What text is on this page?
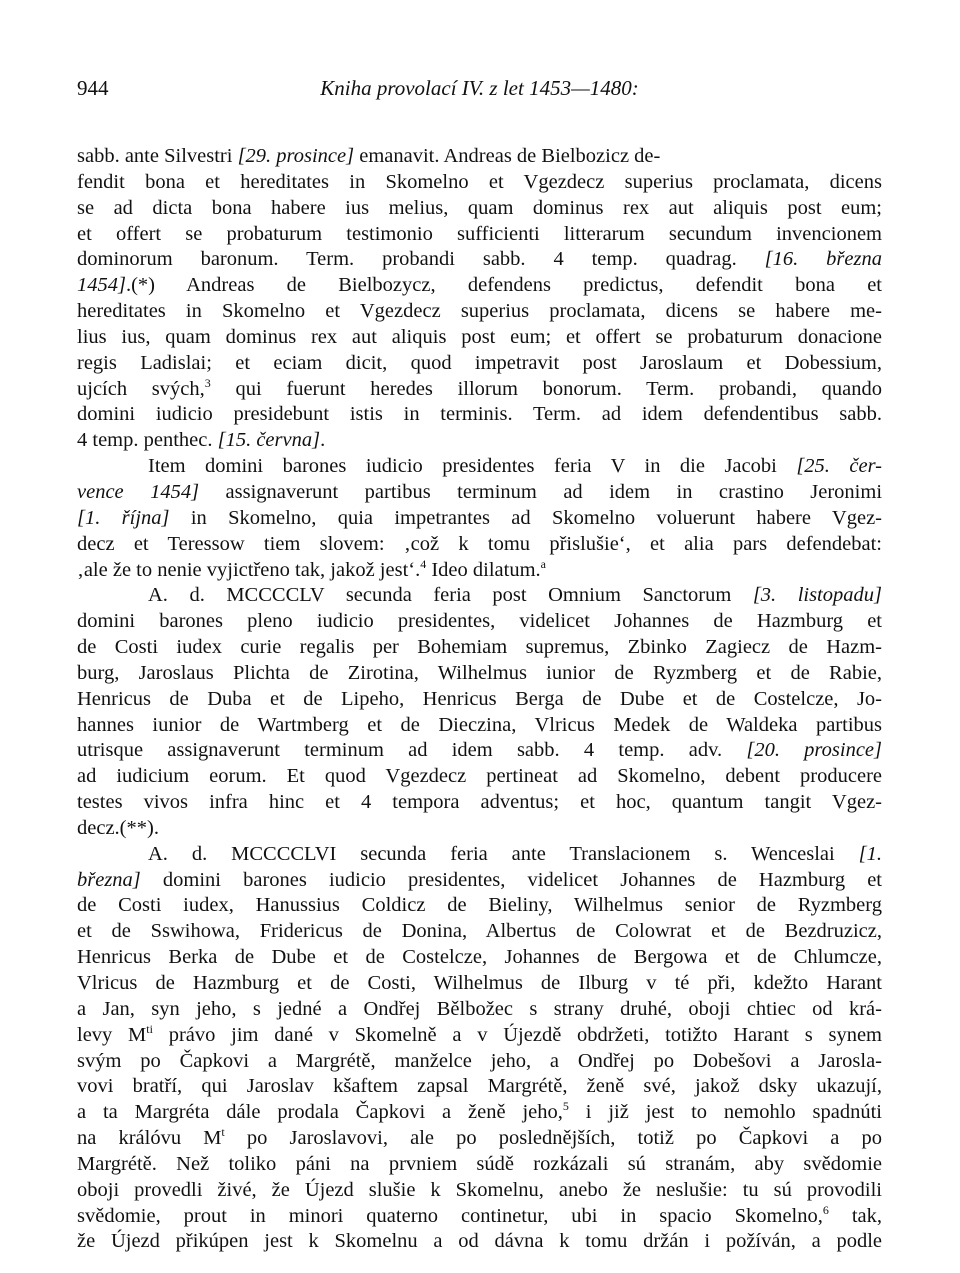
944	Kniha provolací IV. z let 1453—1480:
sabb. ante Silvestri [29. prosince] emanavit. Andreas de Bielbozicz de-
fendit bona et hereditates in Skomelno et Vgezdecz superius proclamata, dicens
se ad dicta bona habere ius melius, quam dominus rex aut aliquis post eum;
et offert se probaturum testimonio sufficienti litterarum secundum invencionem
dominorum baronum. Term. probandi sabb. 4 temp. quadrag. [16. března
1454].(*) Andreas de Bielbozycz, defendens predictus, defendit bona et
hereditates in Skomelno et Vgezdecz superius proclamata, dicens se habere me-
lius ius, quam dominus rex aut aliquis post eum; et offert se probaturum donacione
regis Ladislai; et eciam dicit, quod impetravit post Jaroslaum et Dobessium,
ujcích svých,$^3$ qui fuerunt heredes illorum bonorum. Term. probandi, quando
domini iudicio presidebunt istis in terminis. Term. ad idem defendentibus sabb.
4 temp. penthec. [15. června].
Item domini barones iudicio presidentes feria V in die Jacobi [25. čer-
vence 1454] assignaverunt partibus terminum ad idem in crastino Jeronimi
[1. října] in Skomelno, quia impetrantes ad Skomelno voluerunt habere Vgez-
decz et Teressow tiem slovem: ‚což k tomu přislušie‘, et alia pars defendebat:
‚ale že to nenie vyjictřeno tak, jakož jest‘.$^4$ Ideo dilatum.$^a$
A. d. MCCCCLV secunda feria post Omnium Sanctorum [3. listopadu]
domini barones pleno iudicio presidentes, videlicet Johannes de Hazmburg et
de Costi iudex curie regalis per Bohemiam supremus, Zbinko Zagiecz de Hazm-
burg, Jaroslaus Plichta de Zirotina, Wilhelmus iunior de Ryzmberg et de Rabie,
Henricus de Duba et de Lipeho, Henricus Berga de Dube et de Costelcze, Jo-
hannes iunior de Wartmberg et de Dieczina, Vlricus Medek de Waldeka partibus
utrisque assignaverunt terminum ad idem sabb. 4 temp. adv. [20. prosince]
ad iudicium eorum. Et quod Vgezdecz pertineat ad Skomelno, debent producere
testes vivos infra hinc et 4 tempora adventus; et hoc, quantum tangit Vgez-
decz.(**).
A. d. MCCCCLVI secunda feria ante Translacionem s. Wenceslai [1.
března] domini barones iudicio presidentes, videlicet Johannes de Hazmburg et
de Costi iudex, Hanussius Coldicz de Bieliny, Wilhelmus senior de Ryzmberg
et de Sswihowa, Fridericus de Donina, Albertus de Colowrat et de Bezdruzicz,
Henricus Berka de Dube et de Costelcze, Johannes de Bergowa et de Chlumcze,
Vlricus de Hazmburg et de Costi, Wilhelmus de Ilburg v té při, kdežto Harant
a Jan, syn jeho, s jedné a Ondřej Bělbožec s strany druhé, oboji chtiec od krá-
levy $M^{ti}$ právo jim dané v Skomelně a v Újezdě obdržeti, totižto Harant s synem
svým po Čapkovi a Margrétě, manželce jeho, a Ondřej po Dobešovi a Jarosla-
vovi bratří, qui Jaroslav kšaftem zapsal Margrétě, ženě své, jakož dsky ukazují,
a ta Margréta dále prodala Čapkovi a ženě jeho,$^5$ i již jest to nemohlo spadnúti
na králóvu $M^t$ po Jaroslavovi, ale po poslednějších, totiž po Čapkovi a po
Margrétě. Než toliko páni na prvniem súdě rozkázali sú stranám, aby svědomie
oboji provedli živé, že Újezd slušie k Skomelnu, anebo že neslušie: tu sú provodili
svědomie, prout in minori quaterno continetur, ubi in spacio Skomelno,$^6$ tak,
že Újezd přikúpen jest k Skomelnu a od dávna k tomu držán i požíván, a podle
